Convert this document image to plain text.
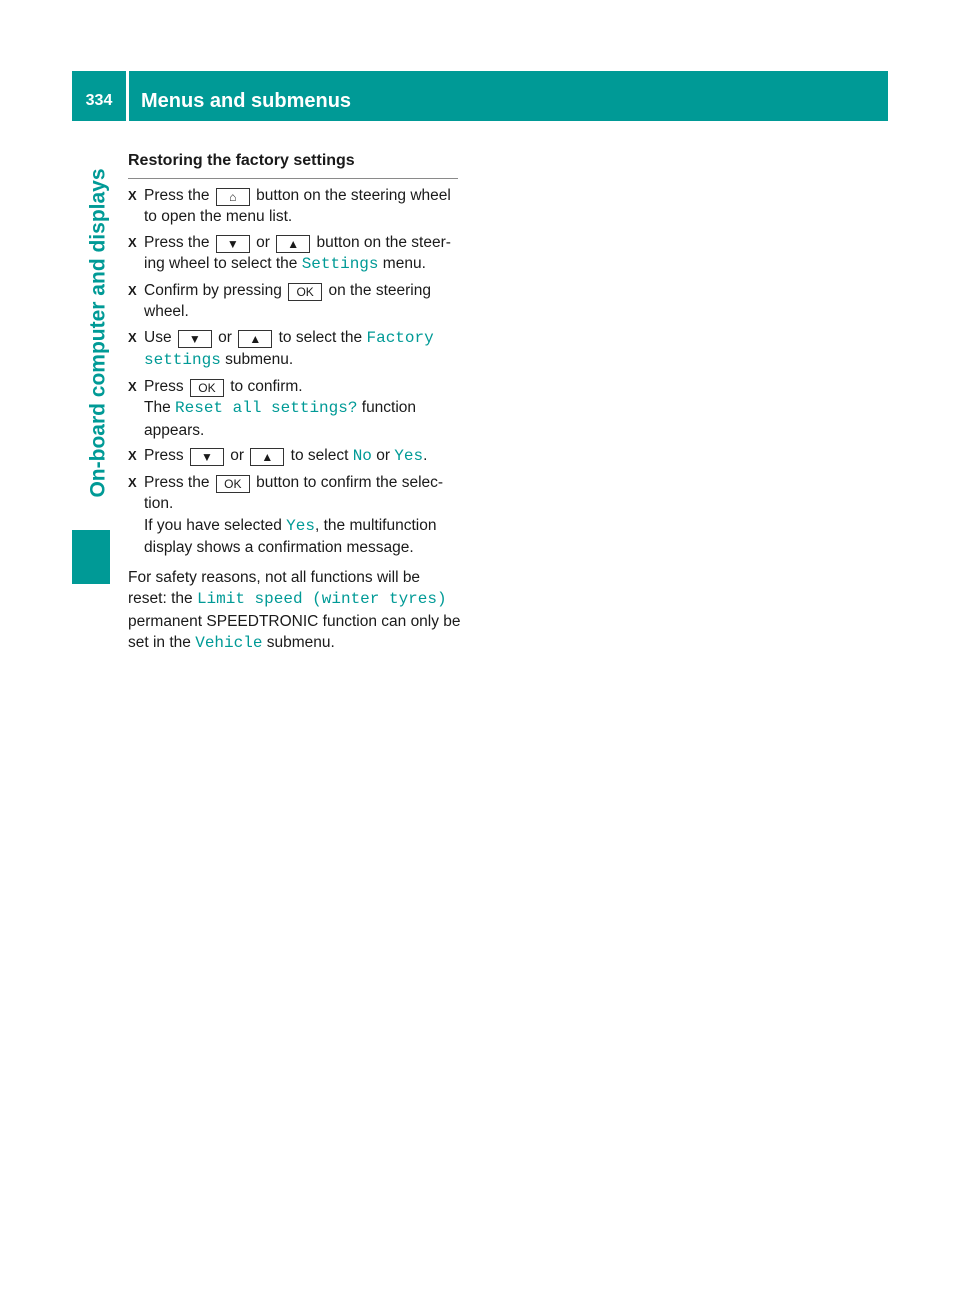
334	Menus and submenus
On-board computer and displays
Restoring the factory settings
X Press the ⌂ button on the steering wheel to open the menu list.
X Press the ▼ or ▲ button on the steer- ing wheel to select the Settings menu.
X Confirm by pressing OK on the steering wheel.
X Use ▼ or ▲ to select the Factory settings submenu.
X Press OK to confirm.
The Reset all settings? function appears.
X Press ▼ or ▲ to select No or Yes.
X Press the OK button to confirm the selec- tion.
If you have selected Yes, the multifunction display shows a confirmation message.
For safety reasons, not all functions will be reset: the Limit speed (winter tyres) permanent SPEEDTRONIC function can only be set in the Vehicle submenu.
